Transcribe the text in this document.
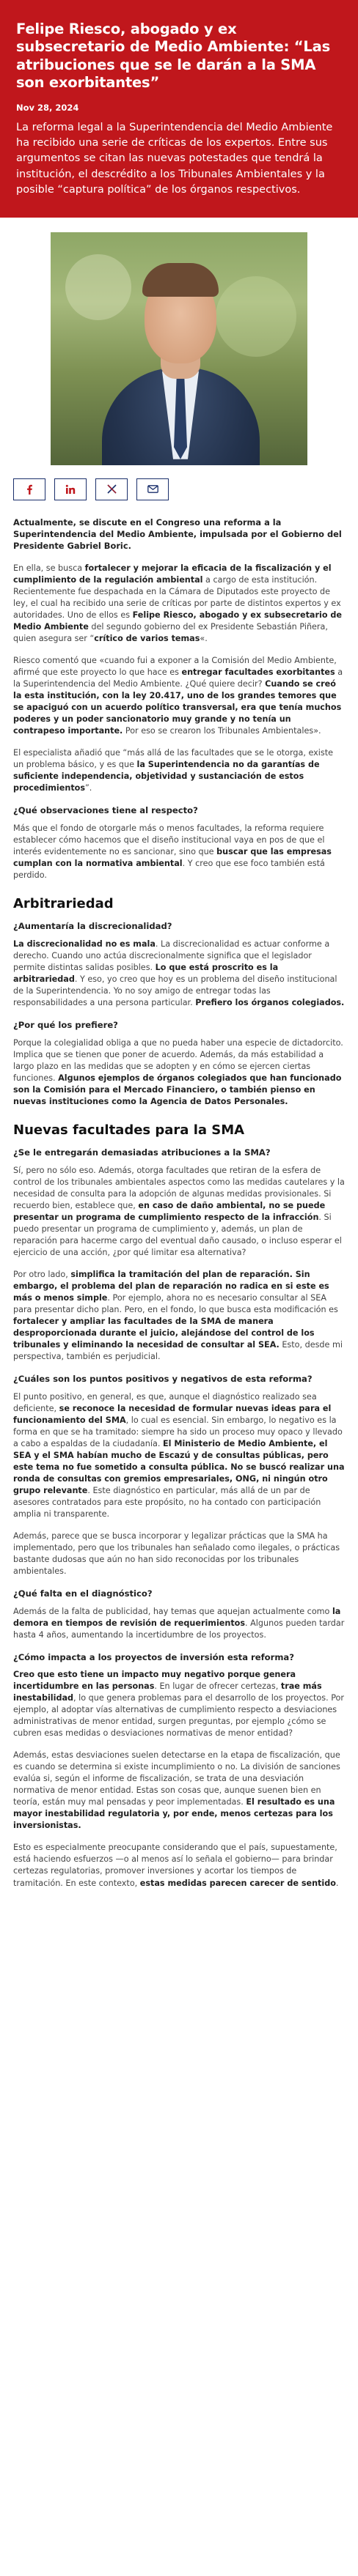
Felipe Riesco, abogado y ex subsecretario de Medio Ambiente: “Las atribuciones que se le darán a la SMA son exorbitantes”
Nov 28, 2024

La reforma legal a la Superintendencia del Medio Ambiente ha recibido una serie de críticas de los expertos. Entre sus argumentos se citan las nuevas potestades que tendrá la institución, el descrédito a los Tribunales Ambientales y la posible “captura política” de los órganos respectivos.

Actualmente, se discute en el Congreso una reforma a la Superintendencia del Medio Ambiente, impulsada por el Gobierno del Presidente Gabriel Boric.

En ella, se busca fortalecer y mejorar la eficacia de la fiscalización y el cumplimiento de la regulación ambiental a cargo de esta institución. Recientemente fue despachada en la Cámara de Diputados este proyecto de ley, el cual ha recibido una serie de críticas por parte de distintos expertos y ex autoridades. Uno de ellos es Felipe Riesco, abogado y ex subsecretario de Medio Ambiente del segundo gobierno del ex Presidente Sebastián Piñera, quien asegura ser “crítico de varios temas«.

Riesco comentó que «cuando fui a exponer a la Comisión del Medio Ambiente, afirmé que este proyecto lo que hace es entregar facultades exorbitantes a la Superintendencia del Medio Ambiente. ¿Qué quiere decir? Cuando se creó la esta institución, con la ley 20.417, uno de los grandes temores que se apaciguó con un acuerdo político transversal, era que tenía muchos poderes y un poder sancionatorio muy grande y no tenía un contrapeso importante. Por eso se crearon los Tribunales Ambientales».

El especialista añadió que “más allá de las facultades que se le otorga, existe un problema básico, y es que la Superintendencia no da garantías de suficiente independencia, objetividad y sustanciación de estos procedimientos”.

¿Qué observaciones tiene al respecto?

Más que el fondo de otorgarle más o menos facultades, la reforma requiere establecer cómo hacemos que el diseño institucional vaya en pos de que el interés evidentemente no es sancionar, sino que buscar que las empresas cumplan con la normativa ambiental. Y creo que ese foco también está perdido.

Arbitrariedad
¿Aumentaría la discrecionalidad?

La discrecionalidad no es mala. La discrecionalidad es actuar conforme a derecho. Cuando uno actúa discrecionalmente significa que el legislador permite distintas salidas posibles. Lo que está proscrito es la arbitrariedad. Y eso, yo creo que hoy es un problema del diseño institucional de la Superintendencia. Yo no soy amigo de entregar todas las responsabilidades a una persona particular. Prefiero los órganos colegiados.

¿Por qué los prefiere?

Porque la colegialidad obliga a que no pueda haber una especie de dictadorcito. Implica que se tienen que poner de acuerdo. Además, da más estabilidad a largo plazo en las medidas que se adopten y en cómo se ejercen ciertas funciones. Algunos ejemplos de órganos colegiados que han funcionado son la Comisión para el Mercado Financiero, o también pienso en nuevas instituciones como la Agencia de Datos Personales.

Nuevas facultades para la SMA
¿Se le entregarán demasiadas atribuciones a la SMA?

Sí, pero no sólo eso. Además, otorga facultades que retiran de la esfera de control de los tribunales ambientales aspectos como las medidas cautelares y la necesidad de consulta para la adopción de algunas medidas provisionales. Si recuerdo bien, establece que, en caso de daño ambiental, no se puede presentar un programa de cumplimiento respecto de la infracción. Si puedo presentar un programa de cumplimiento y, además, un plan de reparación para hacerme cargo del eventual daño causado, o incluso esperar el ejercicio de una acción, ¿por qué limitar esa alternativa?

Por otro lado, simplifica la tramitación del plan de reparación. Sin embargo, el problema del plan de reparación no radica en si este es más o menos simple. Por ejemplo, ahora no es necesario consultar al SEA para presentar dicho plan. Pero, en el fondo, lo que busca esta modificación es fortalecer y ampliar las facultades de la SMA de manera desproporcionada durante el juicio, alejándose del control de los tribunales y eliminando la necesidad de consultar al SEA. Esto, desde mi perspectiva, también es perjudicial.

¿Cuáles son los puntos positivos y negativos de esta reforma?

El punto positivo, en general, es que, aunque el diagnóstico realizado sea deficiente, se reconoce la necesidad de formular nuevas ideas para el funcionamiento del SMA, lo cual es esencial. Sin embargo, lo negativo es la forma en que se ha tramitado: siempre ha sido un proceso muy opaco y llevado a cabo a espaldas de la ciudadanía. El Ministerio de Medio Ambiente, el SEA y el SMA habían mucho de Escazú y de consultas públicas, pero este tema no fue sometido a consulta pública. No se buscó realizar una ronda de consultas con gremios empresariales, ONG, ni ningún otro grupo relevante. Este diagnóstico en particular, más allá de un par de asesores contratados para este propósito, no ha contado con participación amplia ni transparente.

Además, parece que se busca incorporar y legalizar prácticas que la SMA ha implementado, pero que los tribunales han señalado como ilegales, o prácticas bastante dudosas que aún no han sido reconocidas por los tribunales ambientales.

¿Qué falta en el diagnóstico?

Además de la falta de publicidad, hay temas que aquejan actualmente como la demora en tiempos de revisión de requerimientos. Algunos pueden tardar hasta 4 años, aumentando la incertidumbre de los proyectos.

¿Cómo impacta a los proyectos de inversión esta reforma?

Creo que esto tiene un impacto muy negativo porque genera incertidumbre en las personas. En lugar de ofrecer certezas, trae más inestabilidad, lo que genera problemas para el desarrollo de los proyectos. Por ejemplo, al adoptar vías alternativas de cumplimiento respecto a desviaciones administrativas de menor entidad, surgen preguntas, por ejemplo ¿cómo se cubren esas medidas o desviaciones normativas de menor entidad?

Además, estas desviaciones suelen detectarse en la etapa de fiscalización, que es cuando se determina si existe incumplimiento o no. La división de sanciones evalúa si, según el informe de fiscalización, se trata de una desviación normativa de menor entidad. Estas son cosas que, aunque suenen bien en teoría, están muy mal pensadas y peor implementadas. El resultado es una mayor inestabilidad regulatoria y, por ende, menos certezas para los inversionistas.

Esto es especialmente preocupante considerando que el país, supuestamente, está haciendo esfuerzos —o al menos así lo señala el gobierno— para brindar certezas regulatorias, promover inversiones y acortar los tiempos de tramitación. En este contexto, estas medidas parecen carecer de sentido.
